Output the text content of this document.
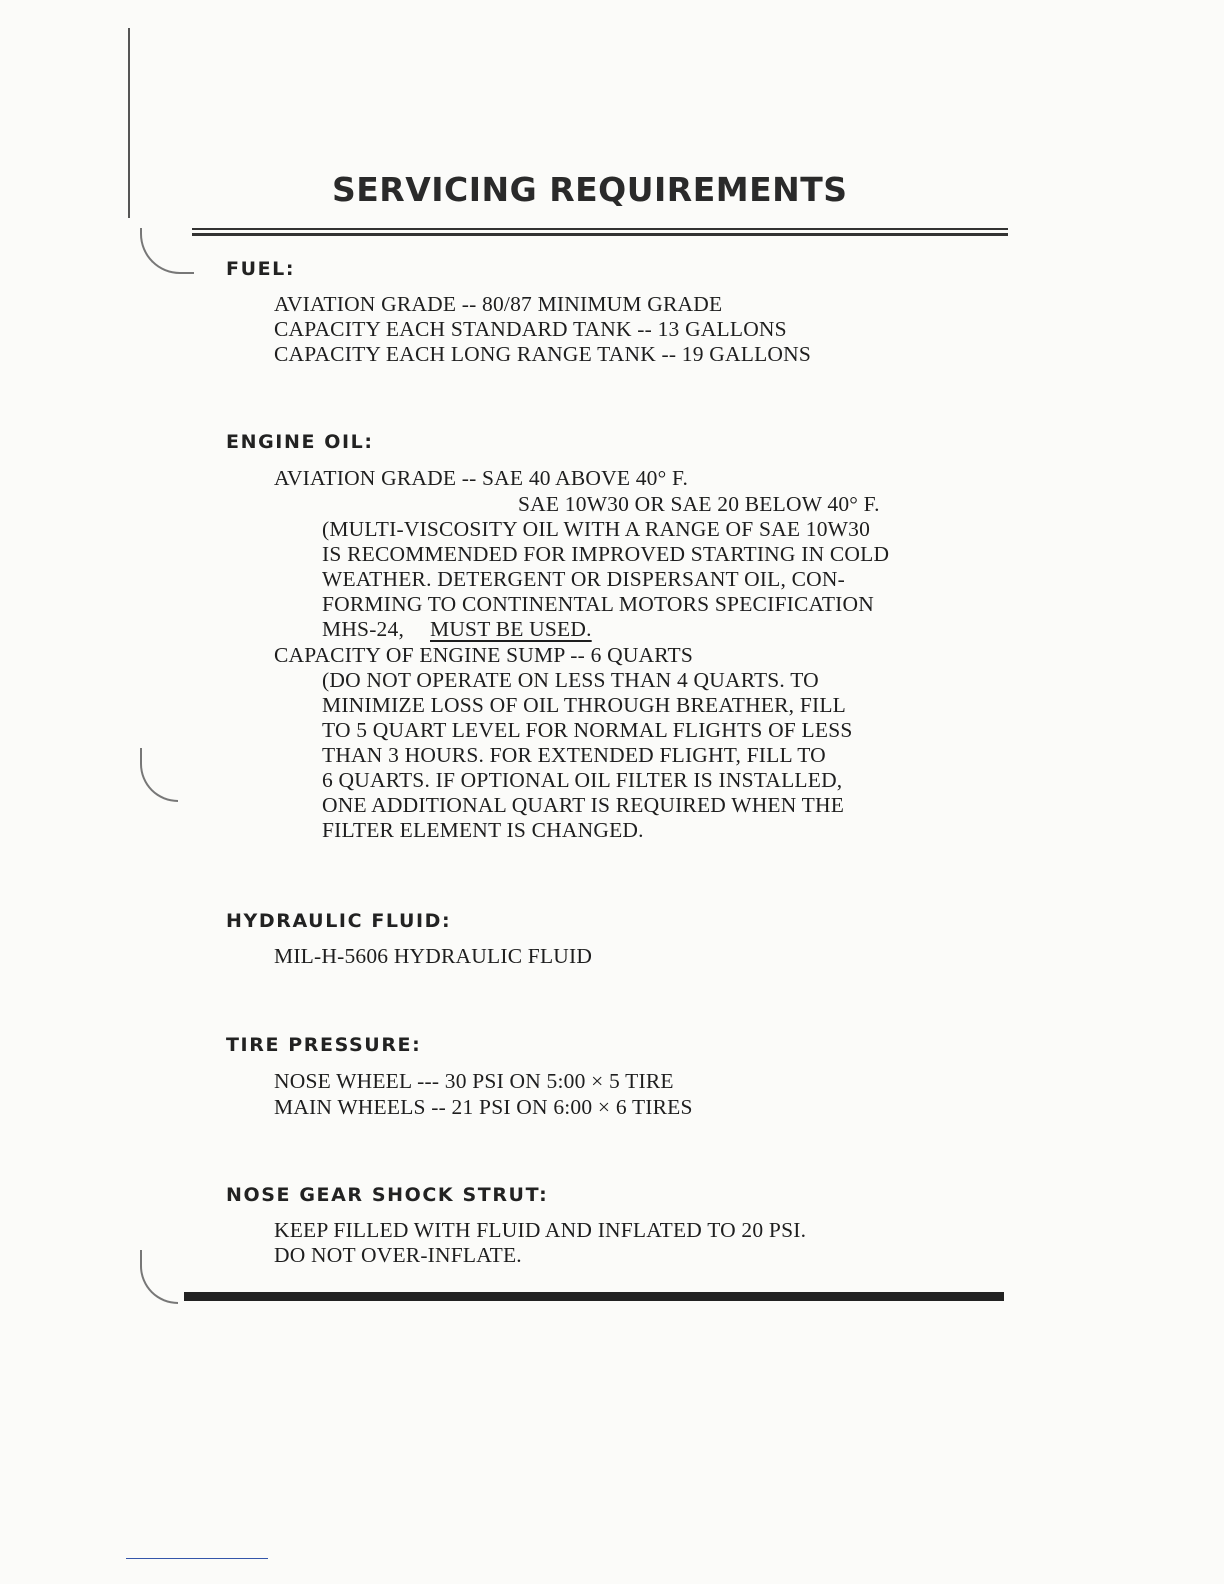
SERVICING REQUIREMENTS
FUEL:
AVIATION GRADE -- 80/87 MINIMUM GRADE
CAPACITY EACH STANDARD TANK -- 13 GALLONS
CAPACITY EACH LONG RANGE TANK -- 19 GALLONS
ENGINE OIL:
AVIATION GRADE -- SAE 40 ABOVE 40° F.
SAE 10W30 OR SAE 20 BELOW 40° F.
(MULTI-VISCOSITY OIL WITH A RANGE OF SAE 10W30
IS RECOMMENDED FOR IMPROVED STARTING IN COLD
WEATHER. DETERGENT OR DISPERSANT OIL, CON-
FORMING TO CONTINENTAL MOTORS SPECIFICATION
MHS-24, MUST BE USED.
CAPACITY OF ENGINE SUMP -- 6 QUARTS
(DO NOT OPERATE ON LESS THAN 4 QUARTS. TO
MINIMIZE LOSS OF OIL THROUGH BREATHER, FILL
TO 5 QUART LEVEL FOR NORMAL FLIGHTS OF LESS
THAN 3 HOURS. FOR EXTENDED FLIGHT, FILL TO
6 QUARTS. IF OPTIONAL OIL FILTER IS INSTALLED,
ONE ADDITIONAL QUART IS REQUIRED WHEN THE
FILTER ELEMENT IS CHANGED.
HYDRAULIC FLUID:
MIL-H-5606 HYDRAULIC FLUID
TIRE PRESSURE:
NOSE WHEEL --- 30 PSI ON 5:00 × 5 TIRE
MAIN WHEELS -- 21 PSI ON 6:00 × 6 TIRES
NOSE GEAR SHOCK STRUT:
KEEP FILLED WITH FLUID AND INFLATED TO 20 PSI.
DO NOT OVER-INFLATE.
